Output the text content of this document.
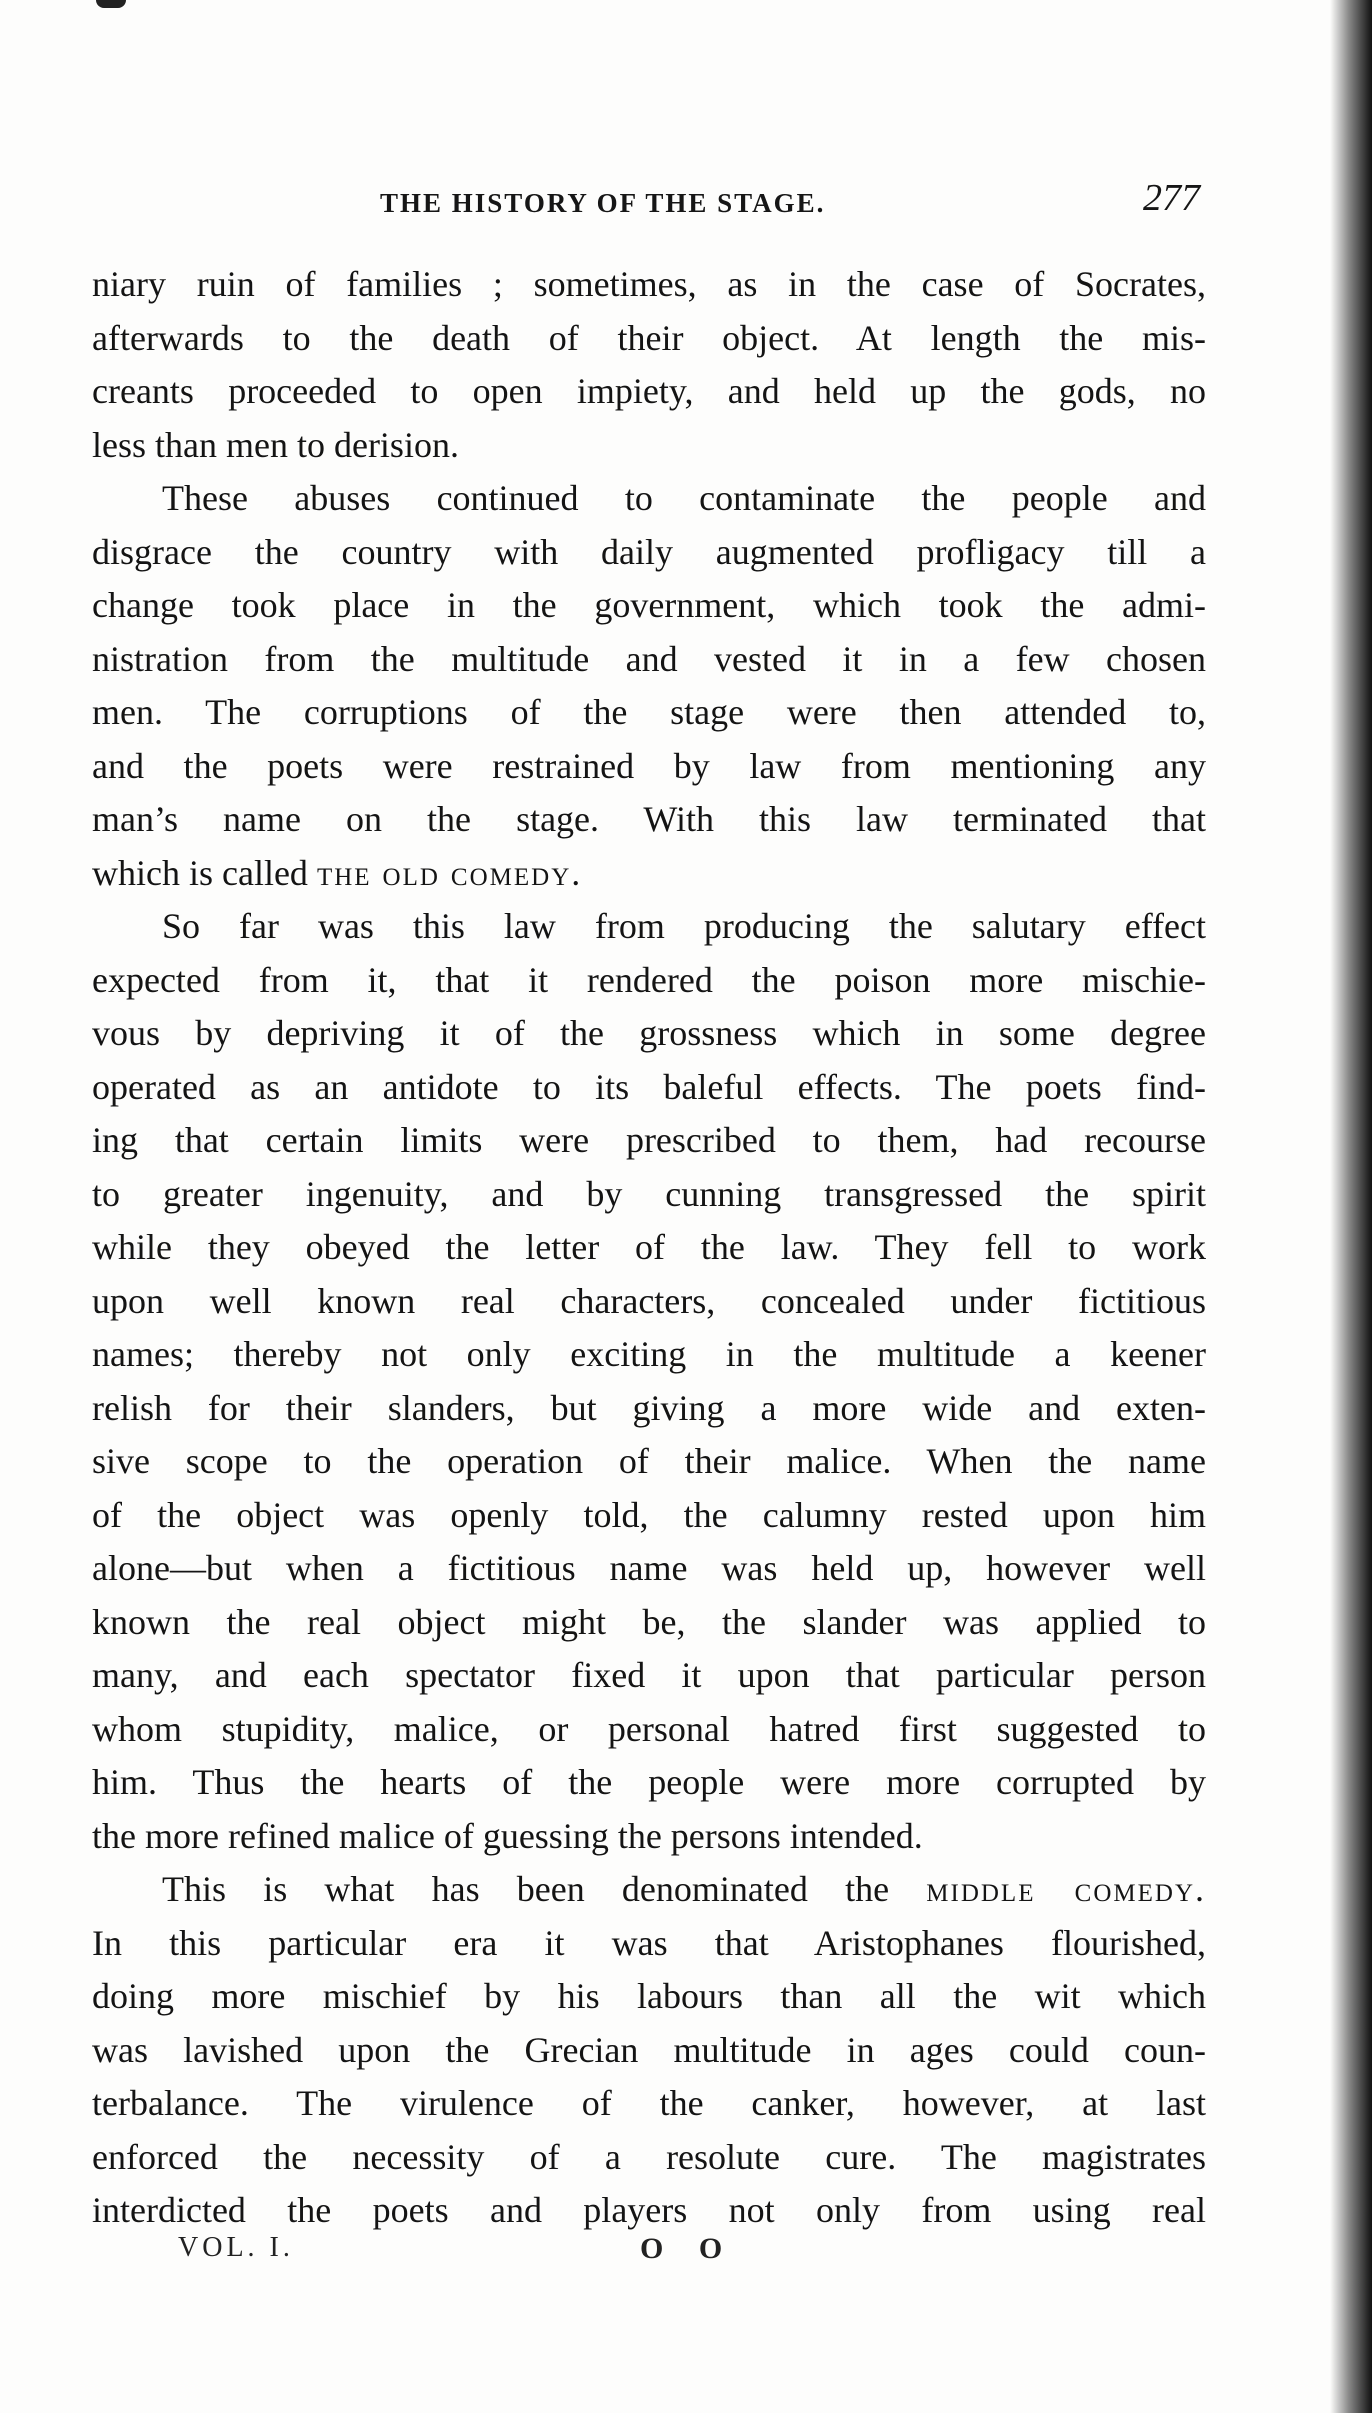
THE HISTORY OF THE STAGE.	277

niary ruin of families ; sometimes, as in the case of Socrates,
afterwards to the death of their object. At length the mis-
creants proceeded to open impiety, and held up the gods, no
less than men to derision.

These abuses continued to contaminate the people and
disgrace the country with daily augmented profligacy till a
change took place in the government, which took the admi-
nistration from the multitude and vested it in a few chosen
men. The corruptions of the stage were then attended to,
and the poets were restrained by law from mentioning any
man’s name on the stage. With this law terminated that
which is called the old comedy.

So far was this law from producing the salutary effect
expected from it, that it rendered the poison more mischie-
vous by depriving it of the grossness which in some degree
operated as an antidote to its baleful effects. The poets find-
ing that certain limits were prescribed to them, had recourse
to greater ingenuity, and by cunning transgressed the spirit
while they obeyed the letter of the law. They fell to work
upon well known real characters, concealed under fictitious
names; thereby not only exciting in the multitude a keener
relish for their slanders, but giving a more wide and exten-
sive scope to the operation of their malice. When the name
of the object was openly told, the calumny rested upon him
alone—but when a fictitious name was held up, however well
known the real object might be, the slander was applied to
many, and each spectator fixed it upon that particular person
whom stupidity, malice, or personal hatred first suggested to
him. Thus the hearts of the people were more corrupted by
the more refined malice of guessing the persons intended.

This is what has been denominated the middle comedy.
In this particular era it was that Aristophanes flourished,
doing more mischief by his labours than all the wit which
was lavished upon the Grecian multitude in ages could coun-
terbalance. The virulence of the canker, however, at last
enforced the necessity of a resolute cure. The magistrates
interdicted the poets and players not only from using real

VOL. I.	O O
